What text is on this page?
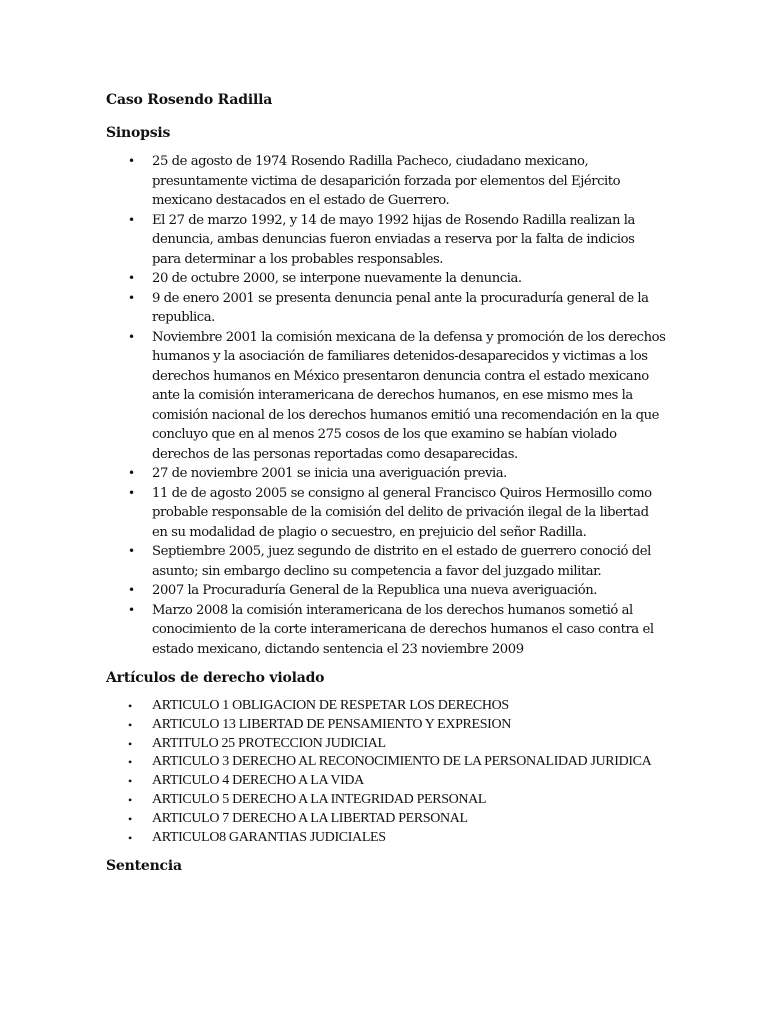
Caso Rosendo Radilla
Sinopsis
• 25 de agosto de 1974 Rosendo Radilla Pacheco, ciudadano mexicano, presuntamente victima de desaparición forzada por elementos del Ejército mexicano destacados en el estado de Guerrero.
• El 27 de marzo 1992, y 14 de mayo 1992 hijas de Rosendo Radilla realizan la denuncia, ambas denuncias fueron enviadas a reserva por la falta de indicios para determinar a los probables responsables.
• 20 de octubre 2000, se interpone nuevamente la denuncia.
• 9 de enero 2001 se presenta denuncia penal ante la procuraduría general de la republica.
• Noviembre 2001 la comisión mexicana de la defensa y promoción de los derechos humanos y la asociación de familiares detenidos-desaparecidos y victimas a los derechos humanos en México presentaron denuncia contra el estado mexicano ante la comisión interamericana de derechos humanos, en ese mismo mes la comisión nacional de los derechos humanos emitió una recomendación en la que concluyo que en al menos 275 cosos de los que examino se habían violado derechos de las personas reportadas como desaparecidas.
• 27 de noviembre 2001 se inicia una averiguación previa.
• 11 de de agosto 2005 se consigno al general Francisco Quiros Hermosillo como probable responsable de la comisión del delito de privación ilegal de la libertad en su modalidad de plagio o secuestro, en prejuicio del señor Radilla.
• Septiembre 2005, juez segundo de distrito en el estado de guerrero conoció del asunto; sin embargo declino su competencia a favor del juzgado militar.
• 2007 la Procuraduría General de la Republica una nueva averiguación.
• Marzo 2008 la comisión interamericana de los derechos humanos sometió al conocimiento de la corte interamericana de derechos humanos el caso contra el estado mexicano, dictando sentencia el 23 noviembre 2009
Artículos de derecho violado
• ARTICULO 1 OBLIGACION DE RESPETAR LOS DERECHOS
• ARTICULO 13 LIBERTAD DE PENSAMIENTO Y EXPRESION
• ARTITULO 25 PROTECCION JUDICIAL
• ARTICULO 3 DERECHO AL RECONOCIMIENTO DE LA PERSONALIDAD JURIDICA
• ARTICULO 4 DERECHO A LA VIDA
• ARTICULO 5 DERECHO A LA INTEGRIDAD PERSONAL
• ARTICULO 7 DERECHO A LA LIBERTAD PERSONAL
• ARTICULO8 GARANTIAS JUDICIALES
Sentencia
